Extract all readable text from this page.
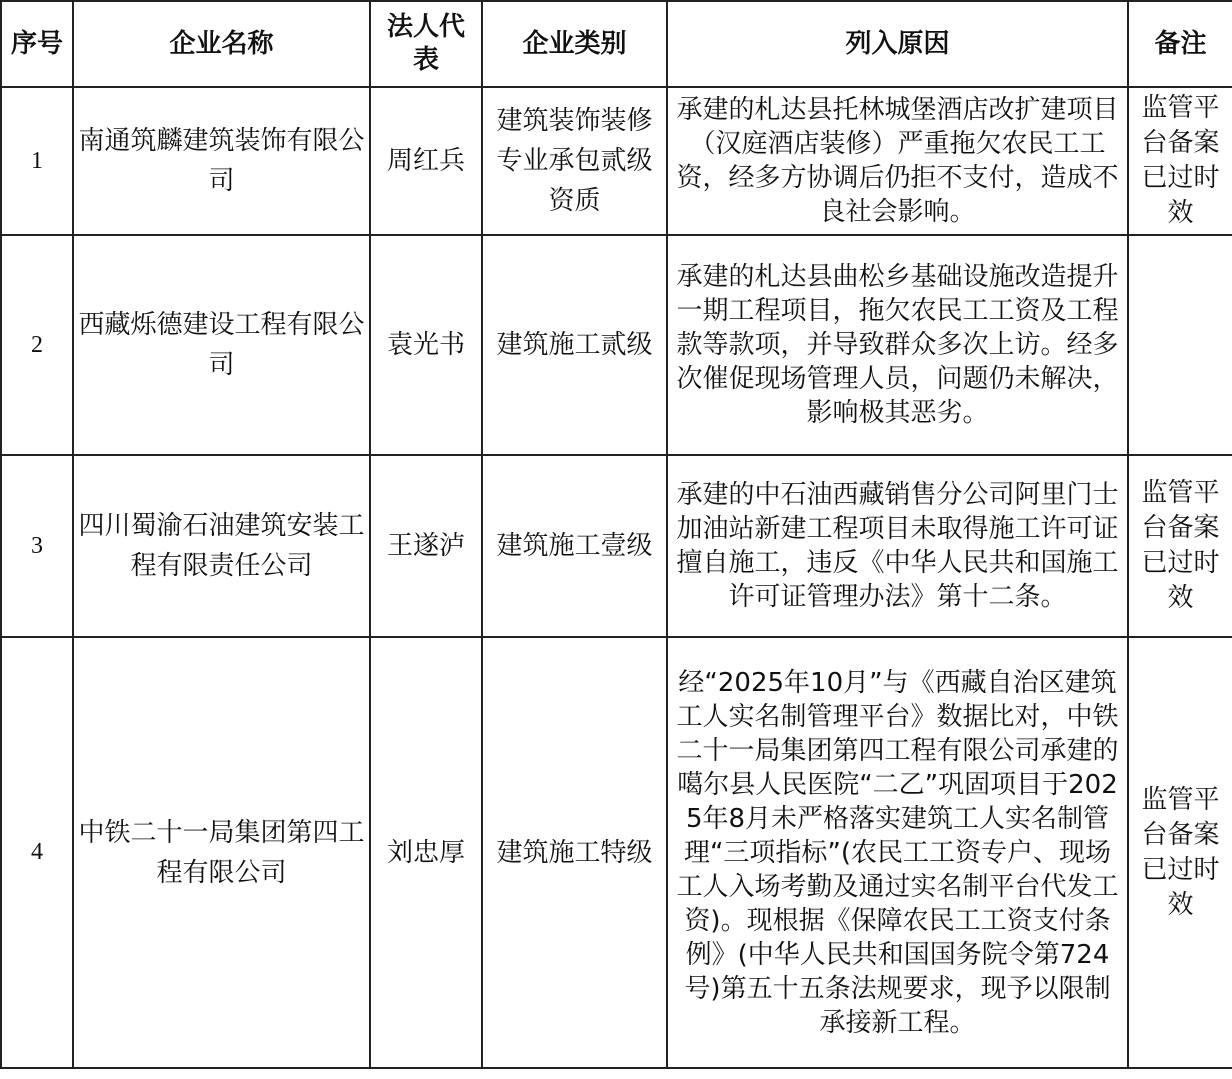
序号	企业名称	法人代表	企业类别	列入原因	备注
1	南通筑麟建筑装饰有限公司	周红兵	建筑装饰装修专业承包贰级资质	承建的札达县托林城堡酒店改扩建项目（汉庭酒店装修）严重拖欠农民工工资，经多方协调后仍拒不支付，造成不良社会影响。	监管平台备案已过时效
2	西藏烁德建设工程有限公司	袁光书	建筑施工贰级	承建的札达县曲松乡基础设施改造提升一期工程项目，拖欠农民工工资及工程款等款项，并导致群众多次上访。经多次催促现场管理人员，问题仍未解决，影响极其恶劣。	
3	四川蜀渝石油建筑安装工程有限责任公司	王遂泸	建筑施工壹级	承建的中石油西藏销售分公司阿里门士加油站新建工程项目未取得施工许可证擅自施工，违反《中华人民共和国施工许可证管理办法》第十二条。	监管平台备案已过时效
4	中铁二十一局集团第四工程有限公司	刘忠厚	建筑施工特级	经“2025年10月”与《西藏自治区建筑工人实名制管理平台》数据比对，中铁二十一局集团第四工程有限公司承建的噶尔县人民医院“二乙”巩固项目于2025年8月未严格落实建筑工人实名制管理“三项指标”(农民工工资专户、现场工人入场考勤及通过实名制平台代发工资)。现根据《保障农民工工资支付条例》(中华人民共和国国务院令第724号)第五十五条法规要求，现予以限制承接新工程。	监管平台备案已过时效
